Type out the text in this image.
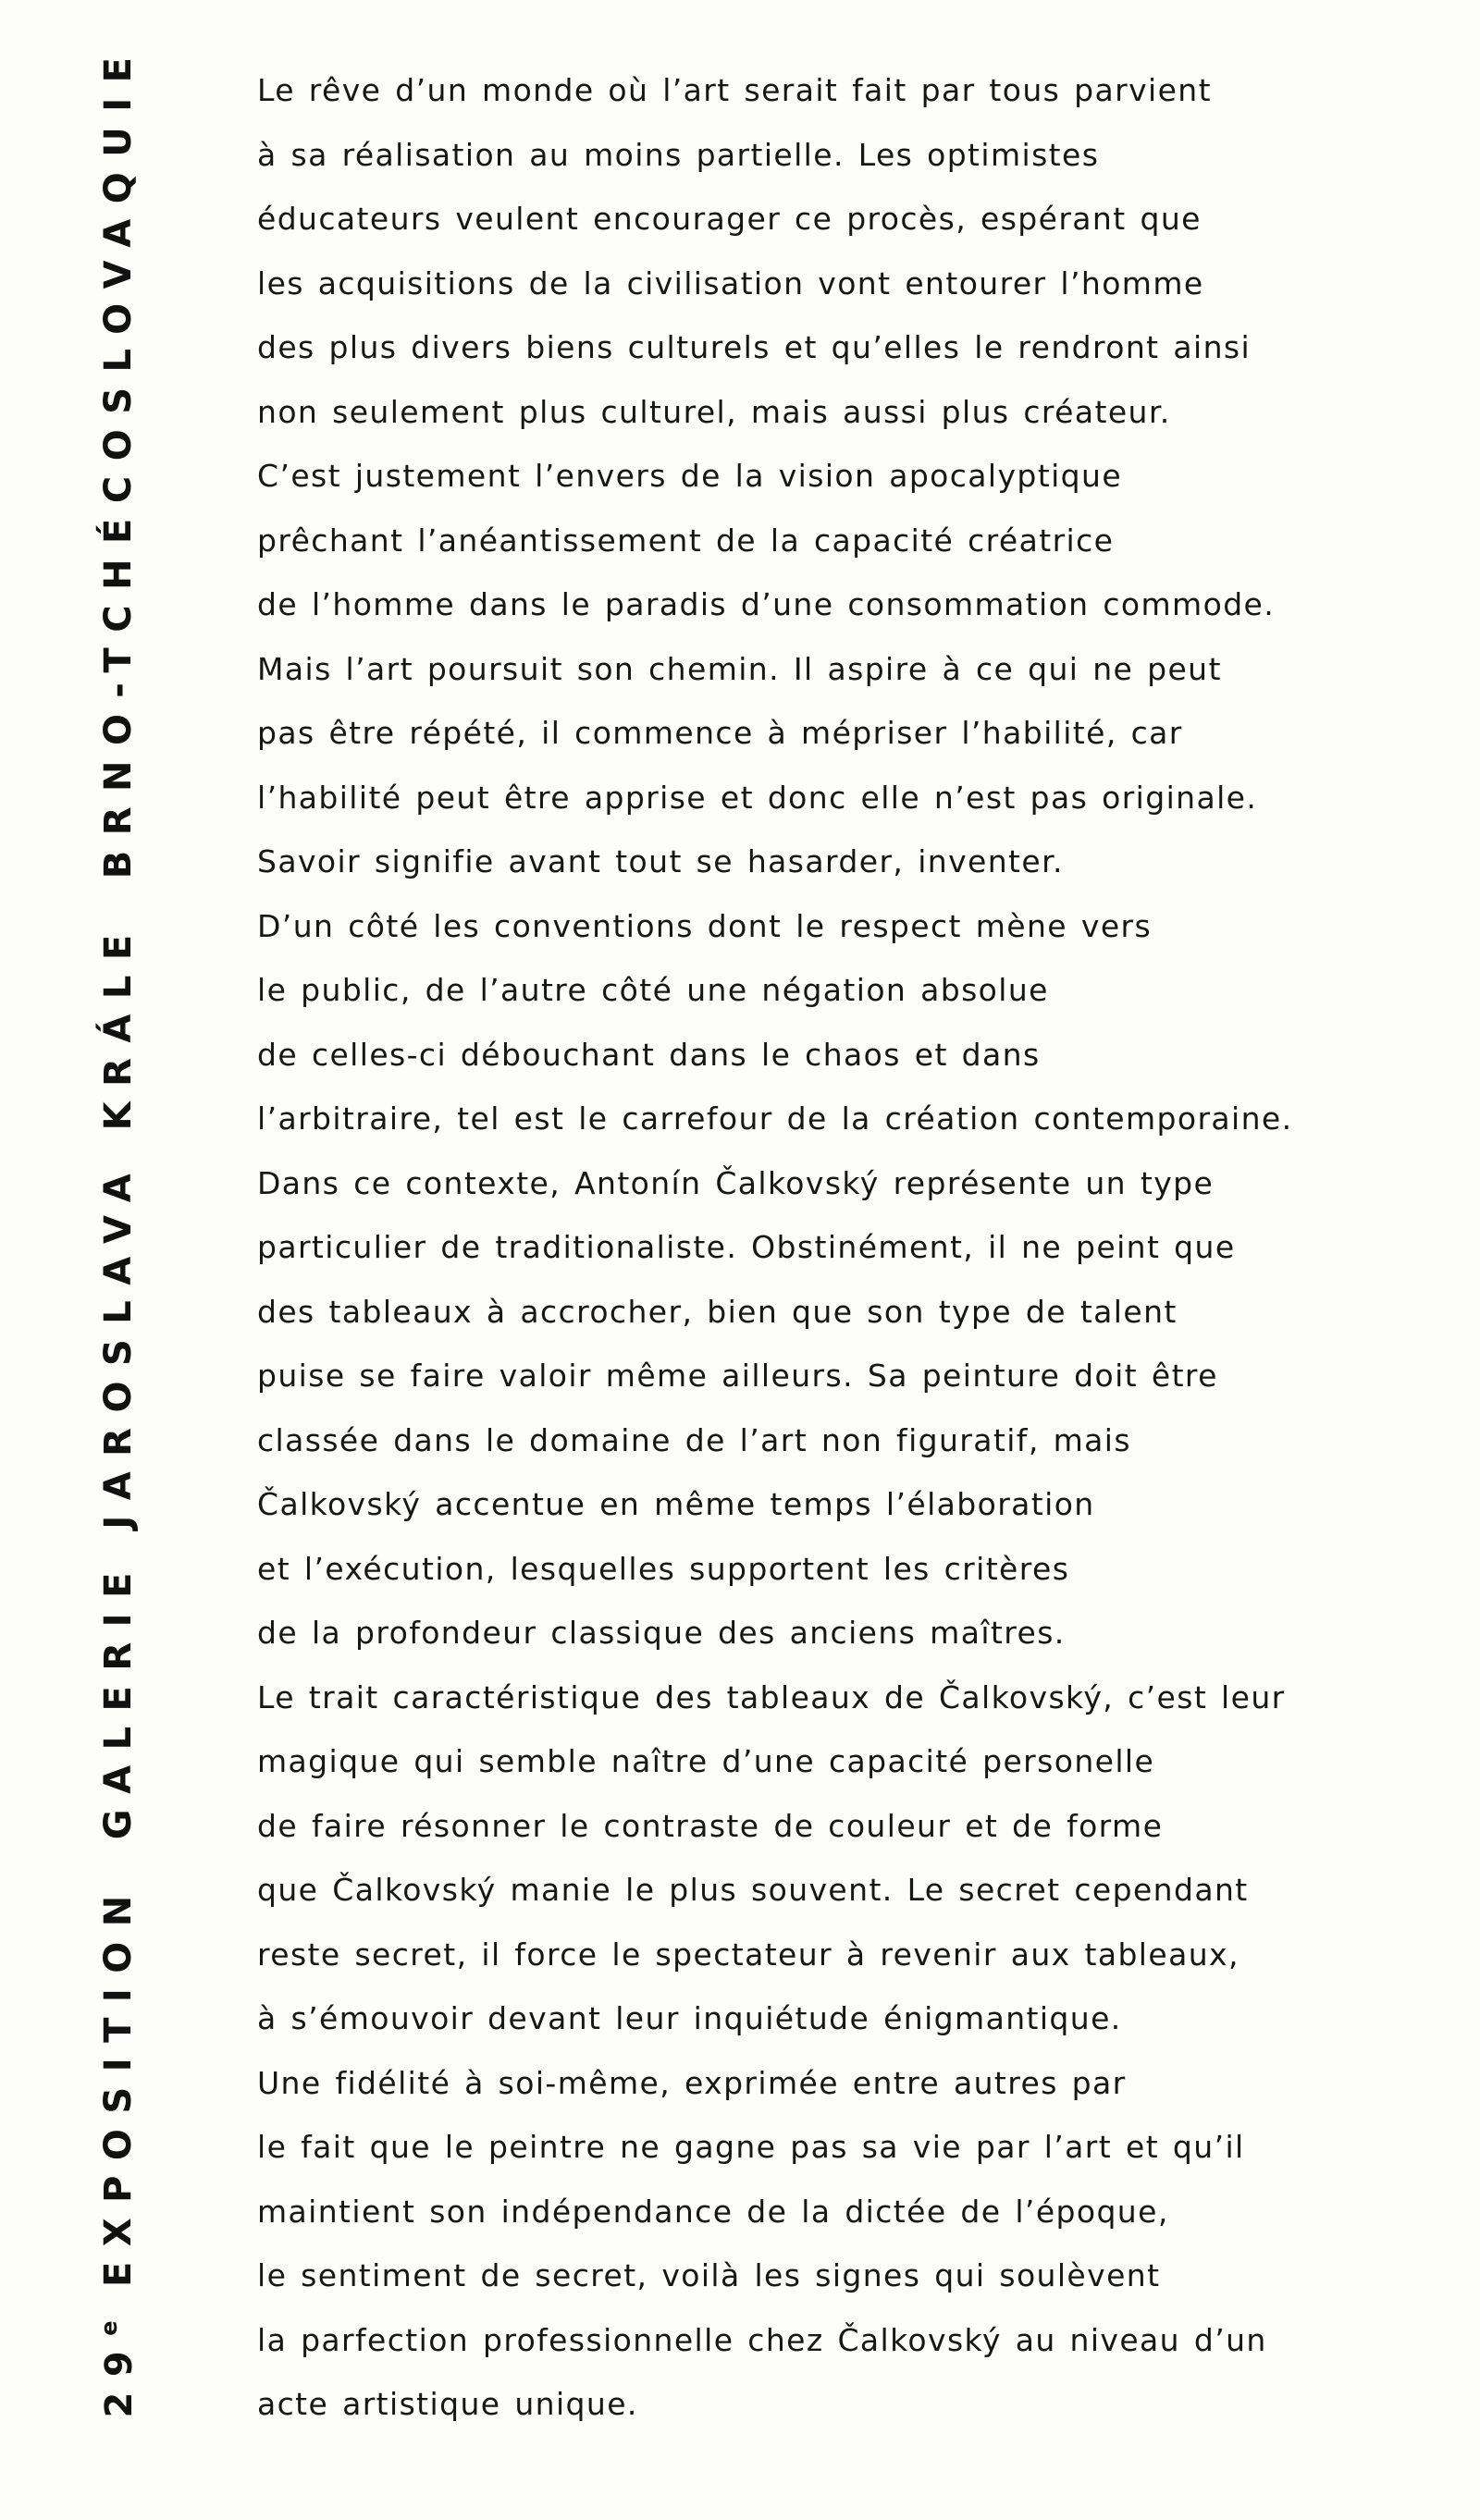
29e

EXPOSITION
GALERIE JAROSLAVA KRÁLE
BRNO-TCHÉCOSLOVAQUIE	Le rêve d’un monde où l’art serait fait par tous parvient
à sa réalisation au moins partielle. Les optimistes
éducateurs veulent encourager ce procès, espérant que
les acquisitions de la civilisation vont entourer l’homme
des plus divers biens culturels et qu’elles le rendront ainsi
non seulement plus culturel, mais aussi plus créateur.
C’est justement l’envers de la vision apocalyptique
prêchant l’anéantissement de la capacité créatrice
de l’homme dans le paradis d’une consommation commode.
Mais l’art poursuit son chemin. Il aspire à ce qui ne peut
pas être répété, il commence à mépriser l’habilité, car
l’habilité peut être apprise et donc elle n’est pas originale.
Savoir signifie avant tout se hasarder, inventer.
D’un côté les conventions dont le respect mène vers
le public, de l’autre côté une négation absolue
de celles-ci débouchant dans le chaos et dans
l’arbitraire, tel est le carrefour de la création contemporaine.
Dans ce contexte, Antonín Čalkovský représente un type
particulier de traditionaliste. Obstinément, il ne peint que
des tableaux à accrocher, bien que son type de talent
puise se faire valoir même ailleurs. Sa peinture doit être
classée dans le domaine de l’art non figuratif, mais
Čalkovský accentue en même temps l’élaboration
et l’exécution, lesquelles supportent les critères
de la profondeur classique des anciens maîtres.
Le trait caractéristique des tableaux de Čalkovský, c’est leur
magique qui semble naître d’une capacité personelle
de faire résonner le contraste de couleur et de forme
que Čalkovský manie le plus souvent. Le secret cependant
reste secret, il force le spectateur à revenir aux tableaux,
à s’émouvoir devant leur inquiétude énigmantique.
Une fidélité à soi-même, exprimée entre autres par
le fait que le peintre ne gagne pas sa vie par l’art et qu’il
maintient son indépendance de la dictée de l’époque,
le sentiment de secret, voilà les signes qui soulèvent
la parfection professionnelle chez Čalkovský au niveau d’un
acte artistique unique.
